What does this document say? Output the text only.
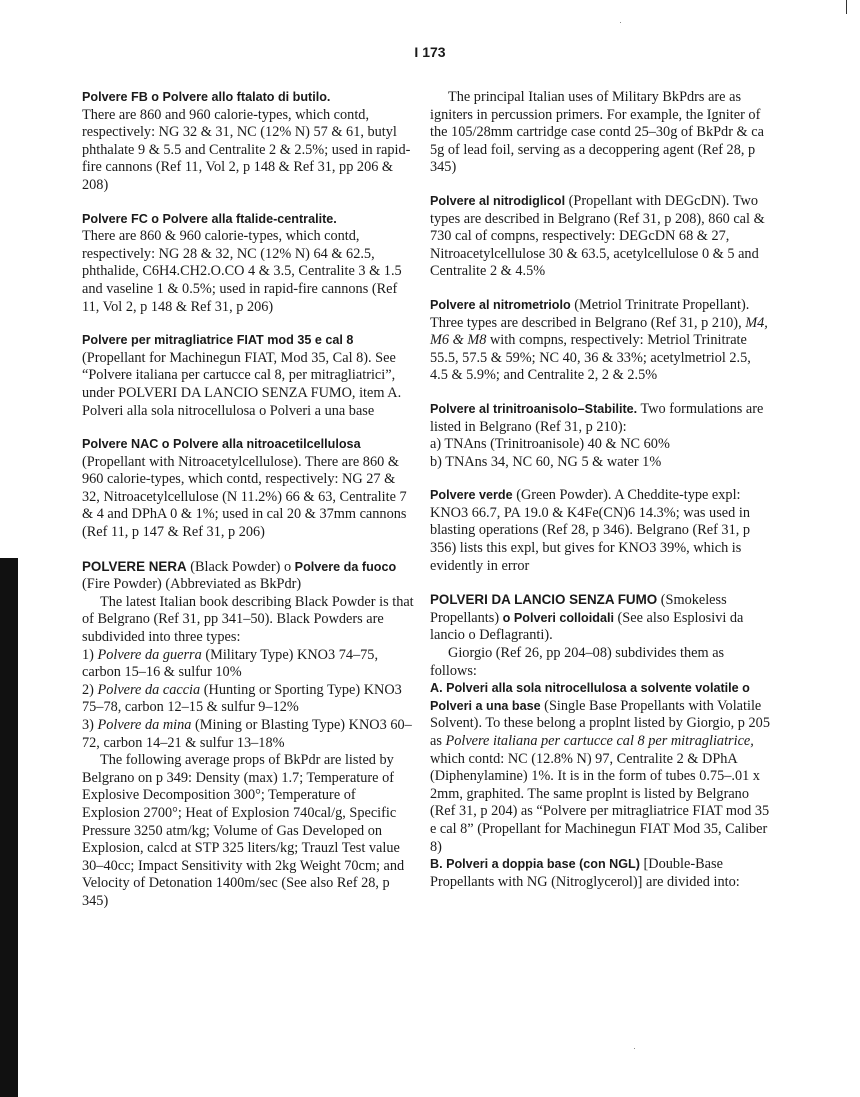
I 173
Polvere FB o Polvere allo ftalato di butilo.
There are 860 and 960 calorie-types, which contd, respectively: NG 32 & 31, NC (12% N) 57 & 61, butyl phthalate 9 & 5.5 and Centralite 2 & 2.5%; used in rapid-fire cannons (Ref 11, Vol 2, p 148 & Ref 31, pp 206 & 208)
Polvere FC o Polvere alla ftalide-centralite.
There are 860 & 960 calorie-types, which contd, respectively: NG 28 & 32, NC (12% N) 64 & 62.5, phthalide, C6H4.CH2.O.CO 4 & 3.5, Centralite 3 & 1.5 and vaseline 1 & 0.5%; used in rapid-fire cannons (Ref 11, Vol 2, p 148 & Ref 31, p 206)
Polvere per mitragliatrice FIAT mod 35 e cal 8
(Propellant for Machinegun FIAT, Mod 35, Cal 8). See “Polvere italiana per cartucce cal 8, per mitragliatrici”, under POLVERI DA LANCIO SENZA FUMO, item A. Polveri alla sola nitrocellulosa o Polveri a una base
Polvere NAC o Polvere alla nitroacetilcellulosa
(Propellant with Nitroacetylcellulose). There are 860 & 960 calorie-types, which contd, respectively: NG 27 & 32, Nitroacetylcellulose (N 11.2%) 66 & 63, Centralite 7 & 4 and DPhA 0 & 1%; used in cal 20 & 37mm cannons (Ref 11, p 147 & Ref 31, p 206)
POLVERE NERA (Black Powder) o Polvere da fuoco (Fire Powder) (Abbreviated as BkPdr)
The latest Italian book describing Black Powder is that of Belgrano (Ref 31, pp 341–50). Black Powders are subdivided into three types:
1) Polvere da guerra (Military Type) KNO3 74–75, carbon 15–16 & sulfur 10%
2) Polvere da caccia (Hunting or Sporting Type) KNO3 75–78, carbon 12–15 & sulfur 9–12%
3) Polvere da mina (Mining or Blasting Type) KNO3 60–72, carbon 14–21 & sulfur 13–18%
The following average props of BkPdr are listed by Belgrano on p 349: Density (max) 1.7; Temperature of Explosive Decomposition 300°; Temperature of Explosion 2700°; Heat of Explosion 740cal/g, Specific Pressure 3250 atm/kg; Volume of Gas Developed on Explosion, calcd at STP 325 liters/kg; Trauzl Test value 30–40cc; Impact Sensitivity with 2kg Weight 70cm; and Velocity of Detonation 1400m/sec (See also Ref 28, p 345)
The principal Italian uses of Military BkPdrs are as igniters in percussion primers. For example, the Igniter of the 105/28mm cartridge case contd 25–30g of BkPdr & ca 5g of lead foil, serving as a decoppering agent (Ref 28, p 345)
Polvere al nitrodiglicol (Propellant with DEGcDN). Two types are described in Belgrano (Ref 31, p 208), 860 cal & 730 cal of compns, respectively: DEGcDN 68 & 27, Nitroacetylcellulose 30 & 63.5, acetylcellulose 0 & 5 and Centralite 2 & 4.5%
Polvere al nitrometriolo (Metriol Trinitrate Propellant). Three types are described in Belgrano (Ref 31, p 210), M4, M6 & M8 with compns, respectively: Metriol Trinitrate 55.5, 57.5 & 59%; NC 40, 36 & 33%; acetylmetriol 2.5, 4.5 & 5.9%; and Centralite 2, 2 & 2.5%
Polvere al trinitroanisolo–Stabilite. Two formulations are listed in Belgrano (Ref 31, p 210):
a) TNAns (Trinitroanisole) 40 & NC 60%
b) TNAns 34, NC 60, NG 5 & water 1%
Polvere verde (Green Powder). A Cheddite-type expl: KNO3 66.7, PA 19.0 & K4Fe(CN)6 14.3%; was used in blasting operations (Ref 28, p 346). Belgrano (Ref 31, p 356) lists this expl, but gives for KNO3 39%, which is evidently in error
POLVERI DA LANCIO SENZA FUMO (Smokeless Propellants) o Polveri colloidali (See also Esplosivi da lancio o Deflagranti).
Giorgio (Ref 26, pp 204–08) subdivides them as follows:
A. Polveri alla sola nitrocellulosa a solvente volatile o Polveri a una base (Single Base Propellants with Volatile Solvent). To these belong a proplnt listed by Giorgio, p 205 as Polvere italiana per cartucce cal 8 per mitragliatrice, which contd: NC (12.8% N) 97, Centralite 2 & DPhA (Diphenylamine) 1%. It is in the form of tubes 0.75–.01 x 2mm, graphited. The same proplnt is listed by Belgrano (Ref 31, p 204) as “Polvere per mitragliatrice FIAT mod 35 e cal 8” (Propellant for Machinegun FIAT Mod 35, Caliber 8)
B. Polveri a doppia base (con NGL) [Double-Base Propellants with NG (Nitroglycerol)] are divided into:
